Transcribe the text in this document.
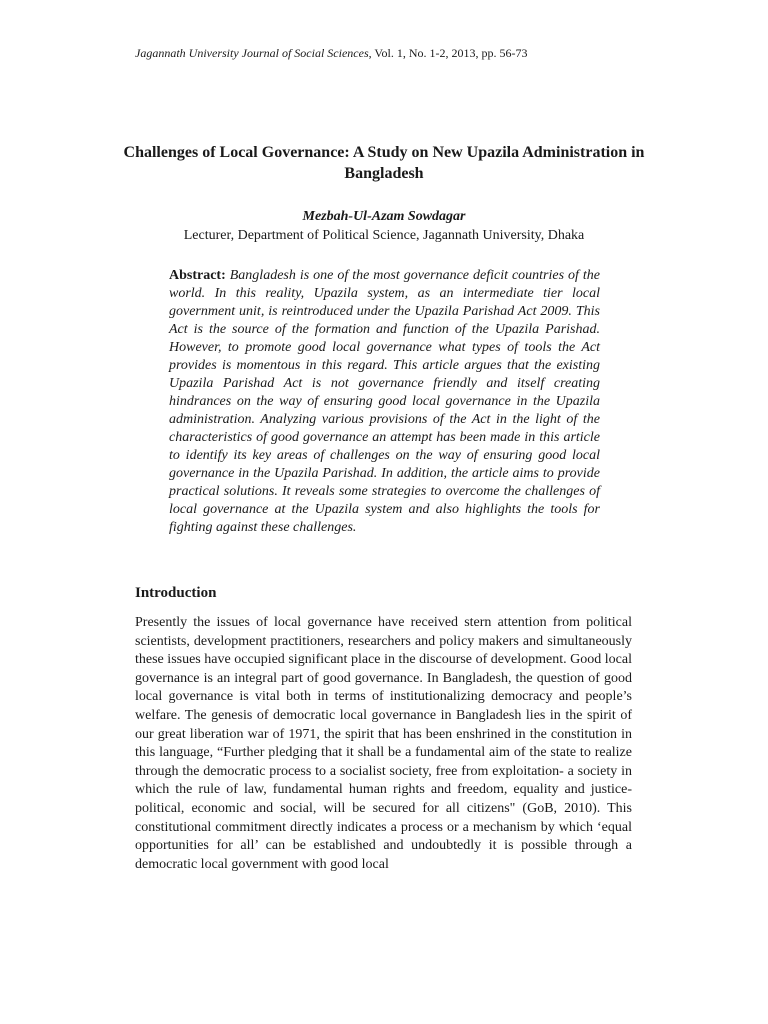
Jagannath University Journal of Social Sciences, Vol. 1, No. 1-2, 2013, pp. 56-73
Challenges of Local Governance: A Study on New Upazila Administration in Bangladesh
Mezbah-Ul-Azam Sowdagar
Lecturer, Department of Political Science, Jagannath University, Dhaka

Abstract: Bangladesh is one of the most governance deficit countries of the world. In this reality, Upazila system, as an intermediate tier local government unit, is reintroduced under the Upazila Parishad Act 2009. This Act is the source of the formation and function of the Upazila Parishad. However, to promote good local governance what types of tools the Act provides is momentous in this regard. This article argues that the existing Upazila Parishad Act is not governance friendly and itself creating hindrances on the way of ensuring good local governance in the Upazila administration. Analyzing various provisions of the Act in the light of the characteristics of good governance an attempt has been made in this article to identify its key areas of challenges on the way of ensuring good local governance in the Upazila Parishad. In addition, the article aims to provide practical solutions. It reveals some strategies to overcome the challenges of local governance at the Upazila system and also highlights the tools for fighting against these challenges.

Introduction

Presently the issues of local governance have received stern attention from political scientists, development practitioners, researchers and policy makers and simultaneously these issues have occupied significant place in the discourse of development. Good local governance is an integral part of good governance. In Bangladesh, the question of good local governance is vital both in terms of institutionalizing democracy and people’s welfare. The genesis of democratic local governance in Bangladesh lies in the spirit of our great liberation war of 1971, the spirit that has been enshrined in the constitution in this language, “Further pledging that it shall be a fundamental aim of the state to realize through the democratic process to a socialist society, free from exploitation- a society in which the rule of law, fundamental human rights and freedom, equality and justice- political, economic and social, will be secured for all citizens" (GoB, 2010). This constitutional commitment directly indicates a process or a mechanism by which ‘equal opportunities for all’ can be established and undoubtedly it is possible through a democratic local government with good local
